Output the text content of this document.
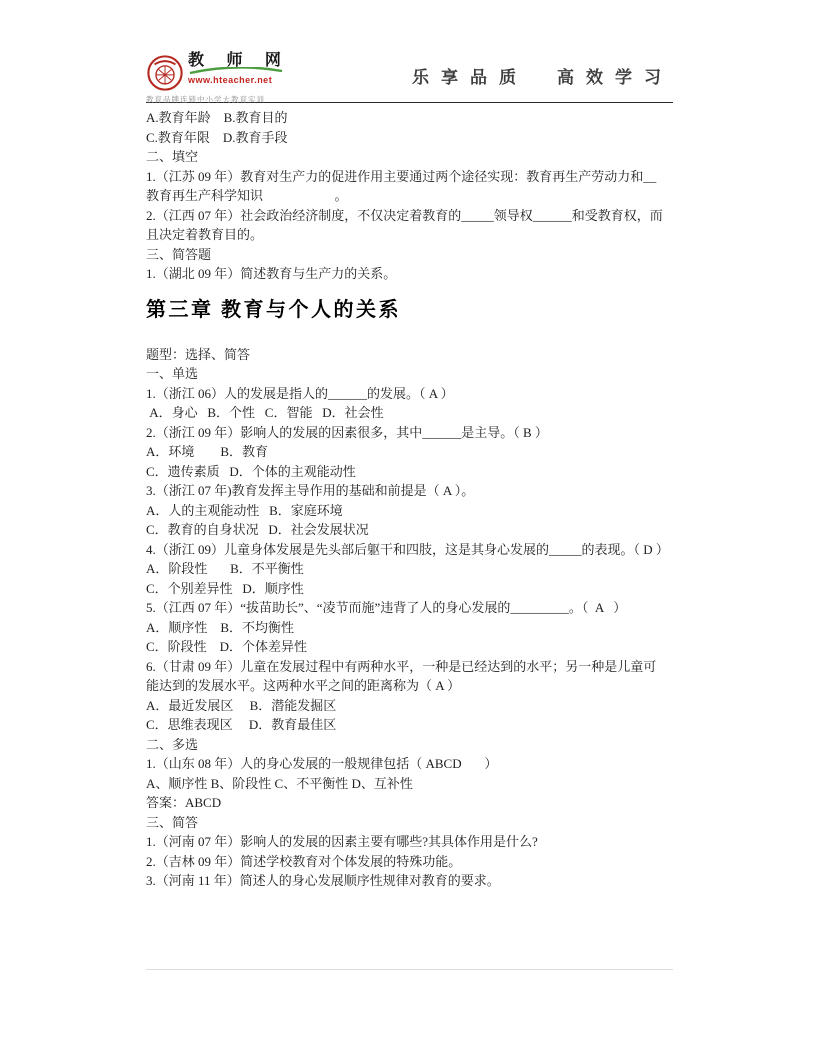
教 师 网
www.hteacher.net
教育品牌连锁中小学大教育实训
乐享品质　高效学习

A.教育年龄    B.教育目的

C.教育年限    D.教育手段

二、填空

1.（江苏 09 年）教育对生产力的促进作用主要通过两个途径实现：教育再生产劳动力和__

教育再生产科学知识                      。

2.（江西 07 年）社会政治经济制度，不仅决定着教育的_____领导权______和受教育权，而

且决定着教育目的。

三、简答题

1.（湖北 09 年）简述教育与生产力的关系。

第三章 教育与个人的关系

题型：选择、简答

一、单选

1.（浙江 06）人的发展是指人的______的发展。（ A ）

A．身心   B．个性   C．智能   D．社会性

2.（浙江 09 年）影响人的发展的因素很多，其中______是主导。（ B ）

A．环境        B．教育

C．遗传素质   D．个体的主观能动性

3.（浙江 07 年)教育发挥主导作用的基础和前提是（ A ）。

A．人的主观能动性   B．家庭环境

C．教育的自身状况   D．社会发展状况

4.（浙江 09）儿童身体发展是先头部后躯干和四肢，这是其身心发展的_____的表现。（ D ）

A．阶段性       B．不平衡性

C．个别差异性   D．顺序性

5.（江西 07 年）“拔苗助长”、“凌节而施”违背了人的身心发展的_________。（  A   ）

A．顺序性    B．不均衡性

C．阶段性    D．个体差异性

6.（甘肃 09 年）儿童在发展过程中有两种水平，一种是已经达到的水平；另一种是儿童可

能达到的发展水平。这两种水平之间的距离称为（ A ）

A．最近发展区     B．潜能发掘区

C．思维表现区     D．教育最佳区

二、多选

1.（山东 08 年）人的身心发展的一般规律包括（ ABCD       ）

A、顺序性 B、阶段性 C、不平衡性 D、互补性

答案：ABCD

三、简答

1.（河南 07 年）影响人的发展的因素主要有哪些?其具体作用是什么?

2.（吉林 09 年）简述学校教育对个体发展的特殊功能。

3.（河南 11 年）简述人的身心发展顺序性规律对教育的要求。
